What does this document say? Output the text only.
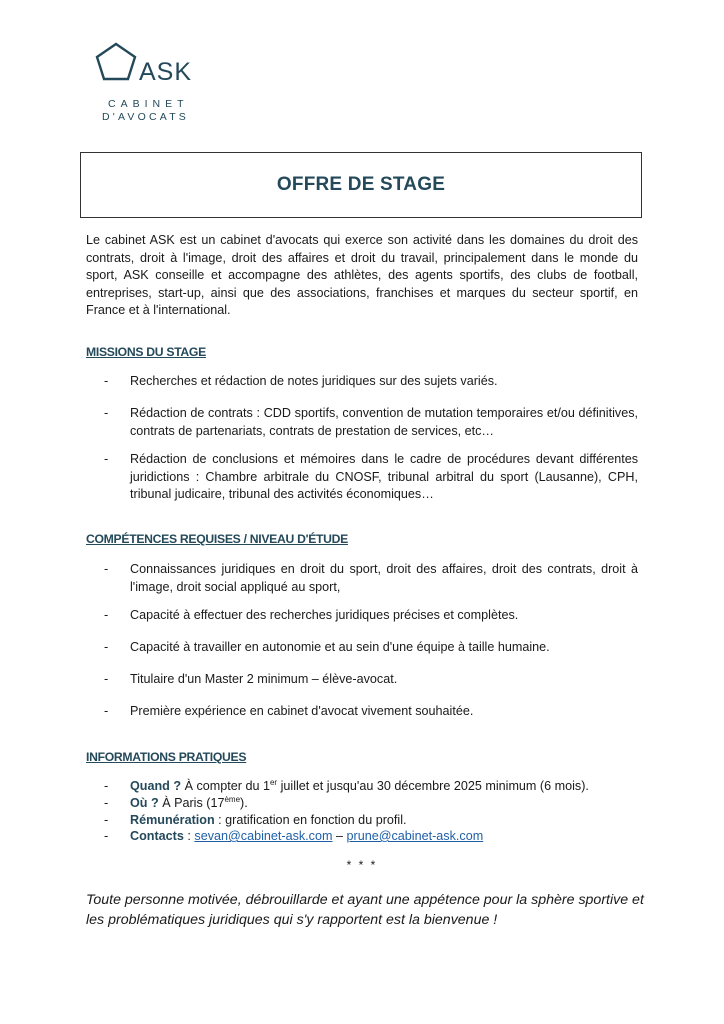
ASK
CABINET
D'AVOCATS
OFFRE DE STAGE
Le cabinet ASK est un cabinet d'avocats qui exerce son activité dans les domaines du droit des contrats, droit à l'image, droit des affaires et droit du travail, principalement dans le monde du sport, ASK conseille et accompagne des athlètes, des agents sportifs, des clubs de football, entreprises, start-up, ainsi que des associations, franchises et marques du secteur sportif, en France et à l'international.
MISSIONS DU STAGE
- Recherches et rédaction de notes juridiques sur des sujets variés.
- Rédaction de contrats : CDD sportifs, convention de mutation temporaires et/ou définitives, contrats de partenariats, contrats de prestation de services, etc…
- Rédaction de conclusions et mémoires dans le cadre de procédures devant différentes juridictions : Chambre arbitrale du CNOSF, tribunal arbitral du sport (Lausanne), CPH, tribunal judicaire, tribunal des activités économiques…
COMPÉTENCES REQUISES / NIVEAU D'ÉTUDE
- Connaissances juridiques en droit du sport, droit des affaires, droit des contrats, droit à l'image, droit social appliqué au sport,
- Capacité à effectuer des recherches juridiques précises et complètes.
- Capacité à travailler en autonomie et au sein d'une équipe à taille humaine.
- Titulaire d'un Master 2 minimum – élève-avocat.
- Première expérience en cabinet d'avocat vivement souhaitée.
INFORMATIONS PRATIQUES
- Quand ? À compter du 1er juillet et jusqu'au 30 décembre 2025 minimum (6 mois).
- Où ? À Paris (17ème).
- Rémunération : gratification en fonction du profil.
- Contacts : sevan@cabinet-ask.com – prune@cabinet-ask.com
* * *
Toute personne motivée, débrouillarde et ayant une appétence pour la sphère sportive et les problématiques juridiques qui s'y rapportent est la bienvenue !
